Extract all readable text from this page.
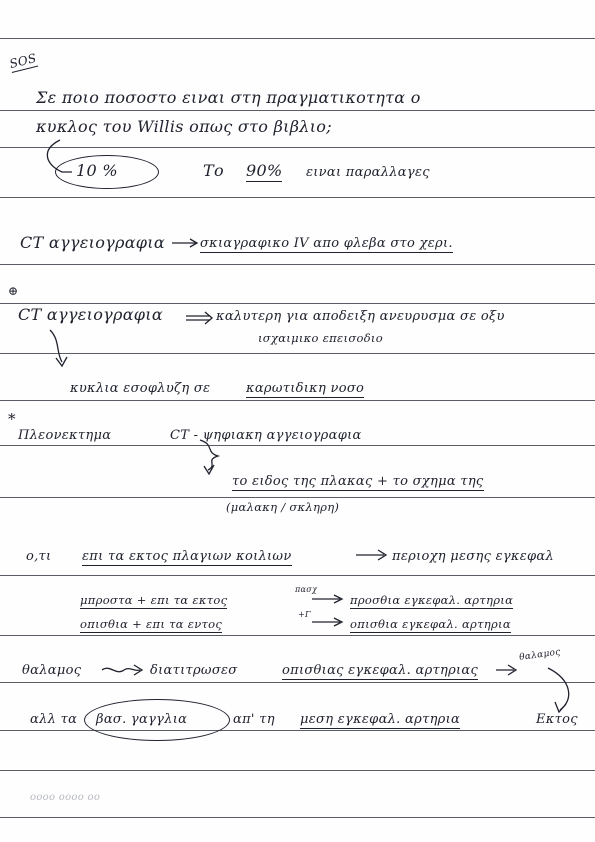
SOS
Σε ποιο ποσοστο ειναι στη πραγματικοτητα ο
κυκλος του Willis οπως στο βιβλιο;
10 %	Το 90% ειναι παραλλαγες
CT αγγειογραφια	σκιαγραφικο IV απο φλεβα στο χερι.
⊕
CT αγγειογραφια	καλυτερη για αποδειξη ανευρυσμα σε οξυ
ισχαιμικο επεισοδιο
κυκλια εσοφλυζη σε	καρωτιδικη νοσο
*
Πλεονεκτημα	CT - ψηφιακη αγγειογραφια
το ειδος της πλακας + το σχημα της
(μαλακη / σκληρη)
ο,τι επι τα εκτος πλαγιων κοιλιων	περιοχη μεσης εγκεφαλ
μπροστα + επι τα εκτος
πασχ
προσθια εγκεφαλ. αρτηρια
οπισθια + επι τα εντος
+Γ
οπισθια εγκεφαλ. αρτηρια
θαλαμος	διατιτρωσεσ	οπισθιας εγκεφαλ. αρτηριας
θαλαμος
αλλ τα βασ. γαγγλια	απ' τη μεση εγκεφαλ. αρτηρια	Εκτος
oooo oooo oo
